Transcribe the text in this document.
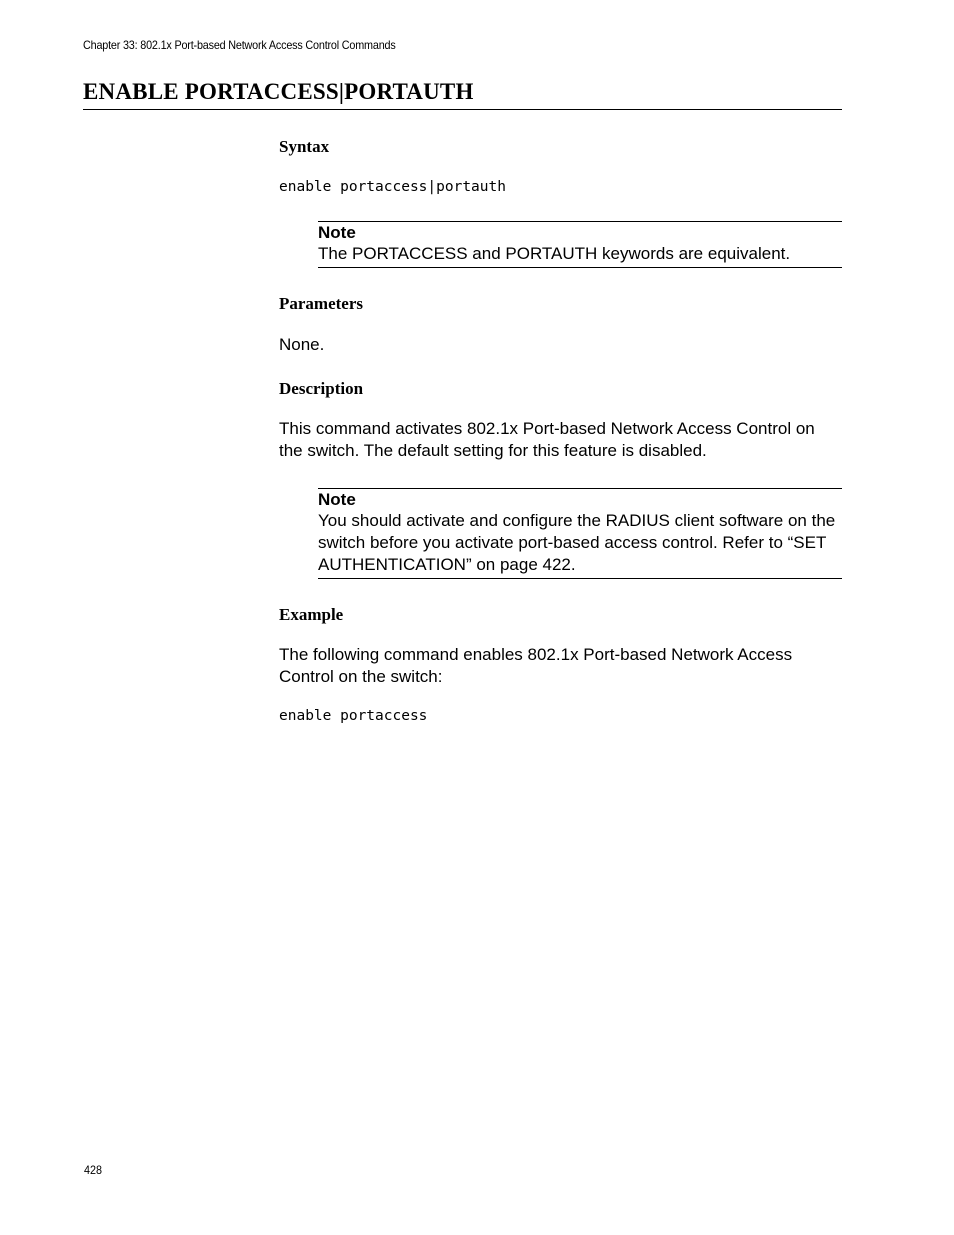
Chapter 33: 802.1x Port-based Network Access Control Commands
ENABLE PORTACCESS|PORTAUTH
Syntax
enable portaccess|portauth
Note
The PORTACCESS and PORTAUTH keywords are equivalent.
Parameters

None.

Description

This command activates 802.1x Port-based Network Access Control on the switch. The default setting for this feature is disabled.

Note
You should activate and configure the RADIUS client software on the switch before you activate port-based access control. Refer to “SET AUTHENTICATION” on page 422.
Example

The following command enables 802.1x Port-based Network Access Control on the switch:

enable portaccess
428
